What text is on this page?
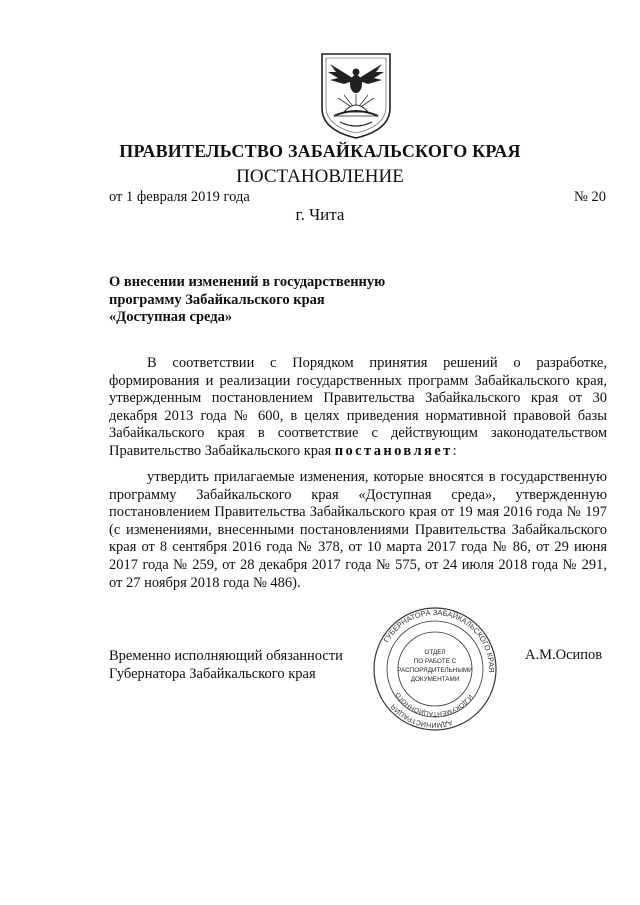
ПРАВИТЕЛЬСТВО ЗАБАЙКАЛЬСКОГО КРАЯ
ПОСТАНОВЛЕНИЕ
от 1 февраля 2019 года	№ 20
г. Чита
О внесении изменений в государственную
программу Забайкальского края
«Доступная среда»
В соответствии с Порядком принятия решений о разработке, формирования и реализации государственных программ Забайкальского края, утвержденным постановлением Правительства Забайкальского края от 30 декабря 2013 года № 600, в целях приведения нормативной правовой базы Забайкальского края в соответствие с действующим законодательством Правительство Забайкальского края постановляет:
утвердить прилагаемые изменения, которые вносятся в государственную программу Забайкальского края «Доступная среда», утвержденную постановлением Правительства Забайкальского края от 19 мая 2016 года № 197 (с изменениями, внесенными постановлениями Правительства Забайкальского края от 8 сентября 2016 года № 378, от 10 марта 2017 года № 86, от 29 июня 2017 года № 259, от 28 декабря 2017 года № 575, от 24 июля 2018 года № 291, от 27 ноября 2018 года № 486).
Временно исполняющий обязанности
Губернатора Забайкальского края
А.М.Осипов
ГУБЕРНАТОРА ЗАБАЙКАЛЬСКОГО КРАЯ
И ДОКУМЕНТАЦИОННОГО
АДМИНИСТРАЦИЯ
ОТДЕЛ
ПО РАБОТЕ С
РАСПОРЯДИТЕЛЬНЫМИ
ДОКУМЕНТАМИ
